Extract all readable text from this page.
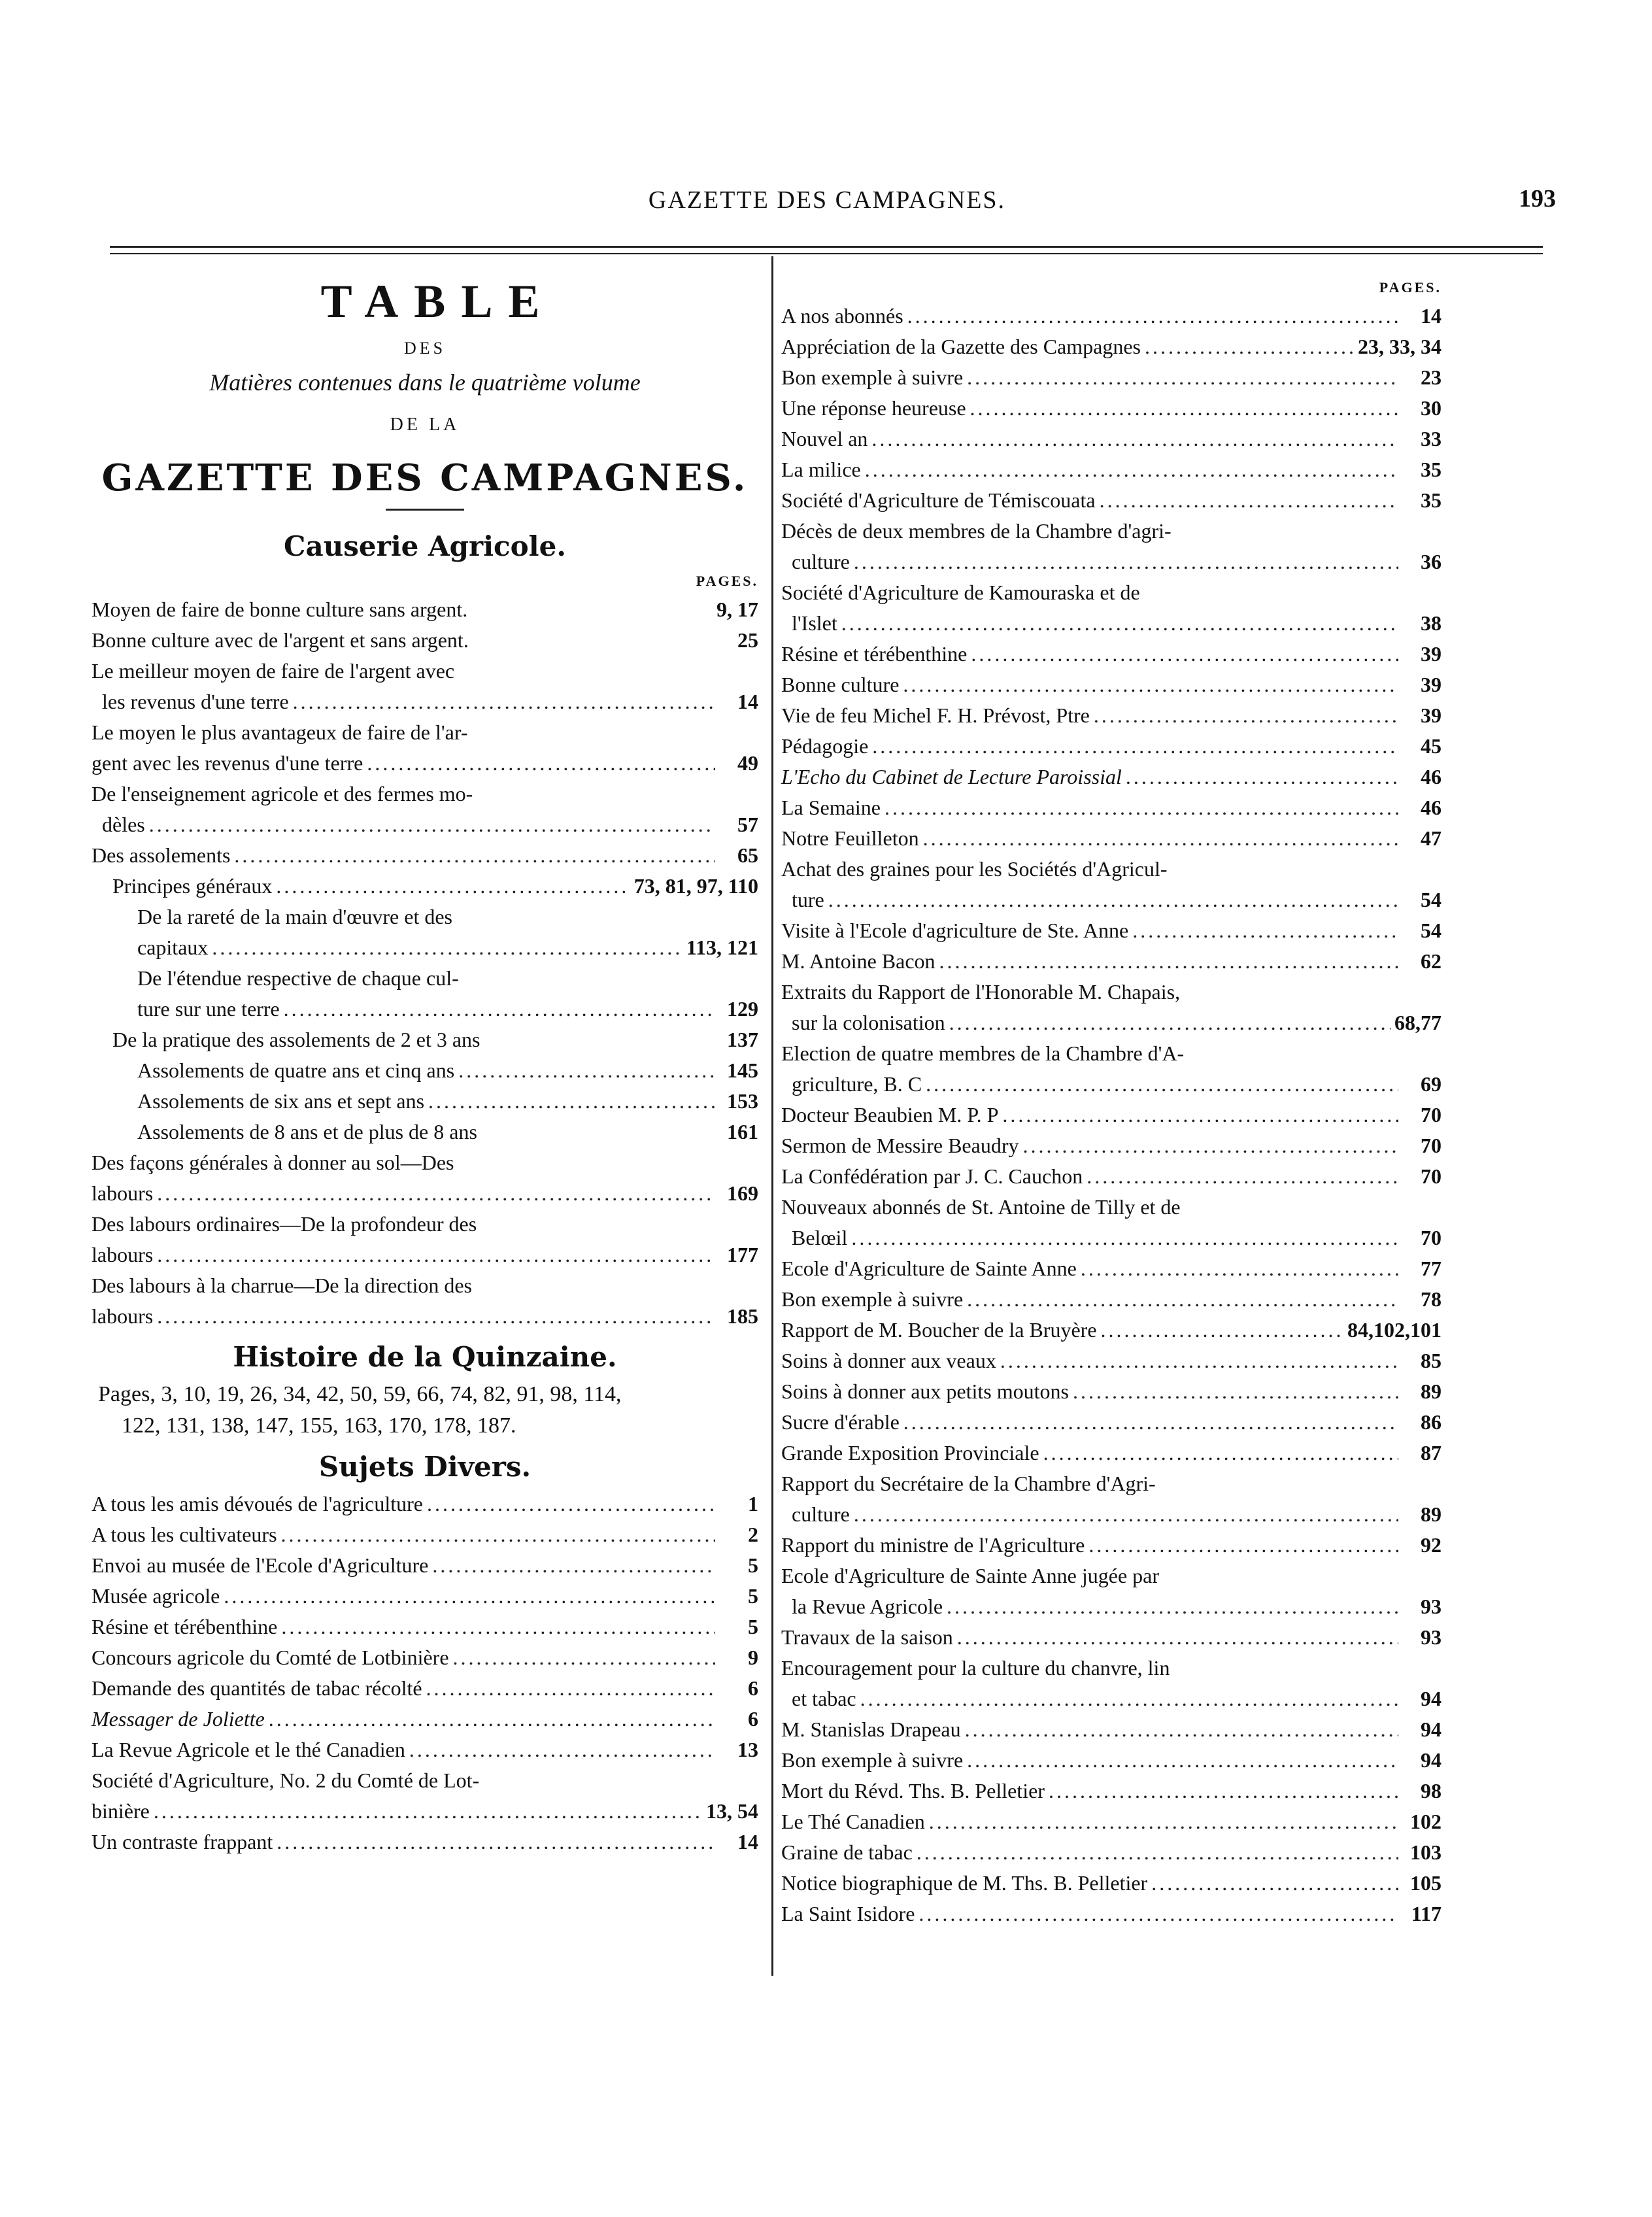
GAZETTE DES CAMPAGNES.	193
TABLE
DES
Matières contenues dans le quatrième volume
DE LA
GAZETTE DES CAMPAGNES.
Causerie Agricole.
PAGES.
Moyen de faire de bonne culture sans argent.	9, 17
Bonne culture avec de l'argent et sans argent.	25
Le meilleur moyen de faire de l'argent avec
les revenus d'une terre .....	14
Le moyen le plus avantageux de faire de l'ar-
gent avec les revenus d'une terre .....	49
De l'enseignement agricole et des fermes mo-
dèles .....	57
Des assolements .....	65
Principes généraux .....	73, 81, 97, 110
De la rareté de la main d'œuvre et des
capitaux .....	113, 121
De l'étendue respective de chaque cul-
ture sur une terre .....	129
De la pratique des assolements de 2 et 3 ans	137
Assolements de quatre ans et cinq ans .....	145
Assolements de six ans et sept ans .....	153
Assolements de 8 ans et de plus de 8 ans	161
Des façons générales à donner au sol—Des
labours .....	169
Des labours ordinaires—De la profondeur des
labours .....	177
Des labours à la charrue—De la direction des
labours .....	185
Histoire de la Quinzaine.
Pages, 3, 10, 19, 26, 34, 42, 50, 59, 66, 74, 82, 91, 98, 114,
122, 131, 138, 147, 155, 163, 170, 178, 187.
Sujets Divers.
A tous les amis dévoués de l'agriculture .....	1
A tous les cultivateurs .....	2
Envoi au musée de l'Ecole d'Agriculture .....	5
Musée agricole .....	5
Résine et térébenthine .....	5
Concours agricole du Comté de Lotbinière .....	9
Demande des quantités de tabac récolté .....	6
Messager de Joliette .....	6
La Revue Agricole et le thé Canadien .....	13
Société d'Agriculture, No. 2 du Comté de Lot-
binière .....	13, 54
Un contraste frappant .....	14
PAGES.
A nos abonnés .....	14
Appréciation de la Gazette des Campagnes .....	23, 33, 34
Bon exemple à suivre .....	23
Une réponse heureuse .....	30
Nouvel an .....	33
La milice .....	35
Société d'Agriculture de Témiscouata .....	35
Décès de deux membres de la Chambre d'agri-
culture .....	36
Société d'Agriculture de Kamouraska et de
l'Islet .....	38
Résine et térébenthine .....	39
Bonne culture .....	39
Vie de feu Michel F. H. Prévost, Ptre .....	39
Pédagogie .....	45
L'Echo du Cabinet de Lecture Paroissial .....	46
La Semaine .....	46
Notre Feuilleton .....	47
Achat des graines pour les Sociétés d'Agricul-
ture .....	54
Visite à l'Ecole d'agriculture de Ste. Anne .....	54
M. Antoine Bacon .....	62
Extraits du Rapport de l'Honorable M. Chapais,
sur la colonisation .....	68,77
Election de quatre membres de la Chambre d'A-
griculture, B. C .....	69
Docteur Beaubien M. P. P .....	70
Sermon de Messire Beaudry .....	70
La Confédération par J. C. Cauchon .....	70
Nouveaux abonnés de St. Antoine de Tilly et de
Belœil .....	70
Ecole d'Agriculture de Sainte Anne .....	77
Bon exemple à suivre .....	78
Rapport de M. Boucher de la Bruyère .....	84,102,101
Soins à donner aux veaux .....	85
Soins à donner aux petits moutons .....	89
Sucre d'érable .....	86
Grande Exposition Provinciale .....	87
Rapport du Secrétaire de la Chambre d'Agri-
culture .....	89
Rapport du ministre de l'Agriculture .....	92
Ecole d'Agriculture de Sainte Anne jugée par
la Revue Agricole .....	93
Travaux de la saison .....	93
Encouragement pour la culture du chanvre, lin
et tabac .....	94
M. Stanislas Drapeau .....	94
Bon exemple à suivre .....	94
Mort du Révd. Ths. B. Pelletier .....	98
Le Thé Canadien .....	102
Graine de tabac .....	103
Notice biographique de M. Ths. B. Pelletier .....	105
La Saint Isidore .....	117
